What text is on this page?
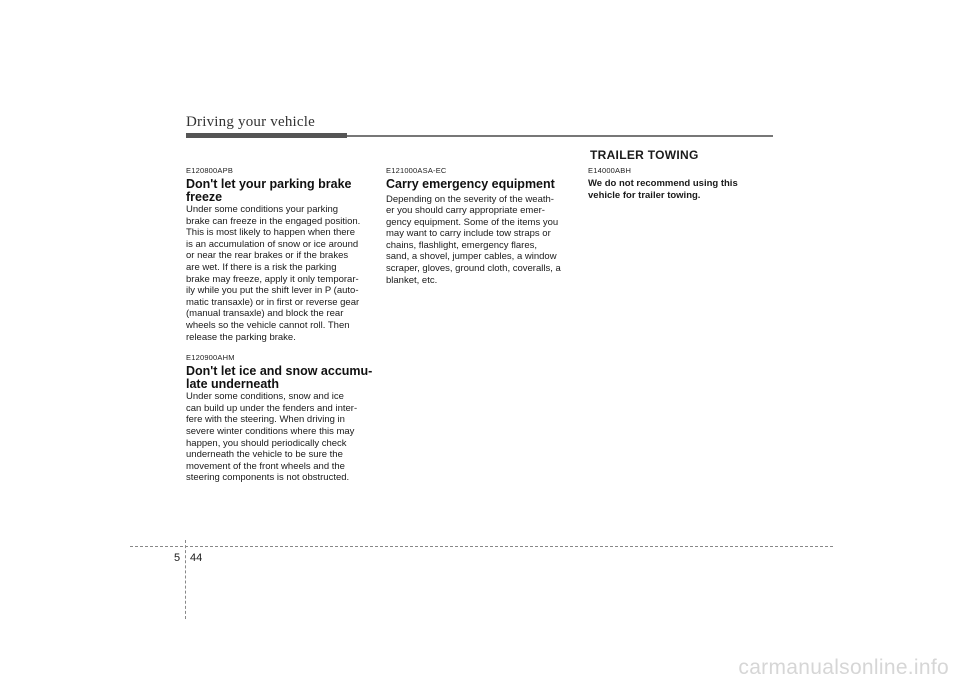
Driving your vehicle
E120800APB
Don't let your parking brake
freeze
Under some conditions your parking
brake can freeze in the engaged position.
This is most likely to happen when there
is an accumulation of snow or ice around
or near the rear brakes or if the brakes
are wet. If there is a risk the parking
brake may freeze, apply it only temporar-
ily while you put the shift lever in P (auto-
matic transaxle) or in first or reverse gear
(manual transaxle) and block the rear
wheels so the vehicle cannot roll. Then
release the parking brake.
E120900AHM
Don't let ice and snow accumu-
late underneath
Under some conditions, snow and ice
can build up under the fenders and inter-
fere with the steering. When driving in
severe winter conditions where this may
happen, you should periodically check
underneath the vehicle to be sure the
movement of the front wheels and the
steering components is not obstructed.
E121000ASA-EC
Carry emergency equipment
Depending on the severity of the weath-
er you should carry appropriate emer-
gency equipment. Some of the items you
may want to carry include tow straps or
chains, flashlight, emergency flares,
sand, a shovel, jumper cables, a window
scraper, gloves, ground cloth, coveralls, a
blanket, etc.
TRAILER TOWING
E14000ABH
We do not recommend using this
vehicle for trailer towing.
5 44
carmanualsonline.info
